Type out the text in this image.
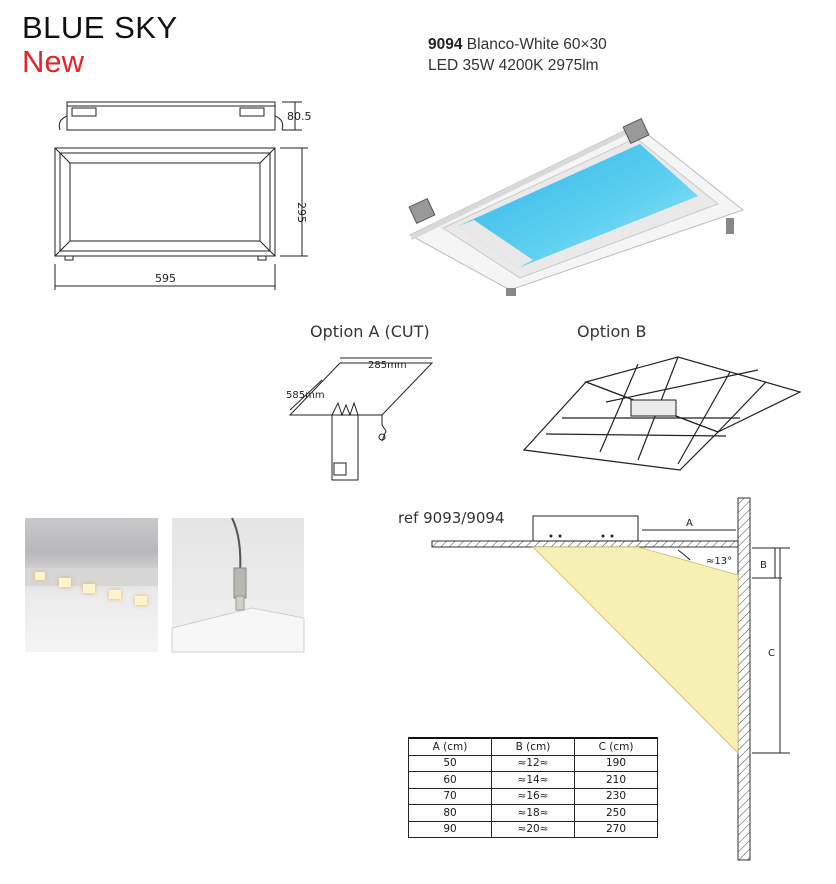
BLUE SKY
New	9094 Blanco-White 60×30
LED 35W 4200K 2975lm
80.5
295
595
Option A (CUT)	Option B
285mm
585mm
ref 9093/9094	A
≈13°	B
C
A (cm)	B (cm)	C (cm)
50	≈12≈	190
60	≈14≈	210
70	≈16≈	230
80	≈18≈	250
90	≈20≈	270
